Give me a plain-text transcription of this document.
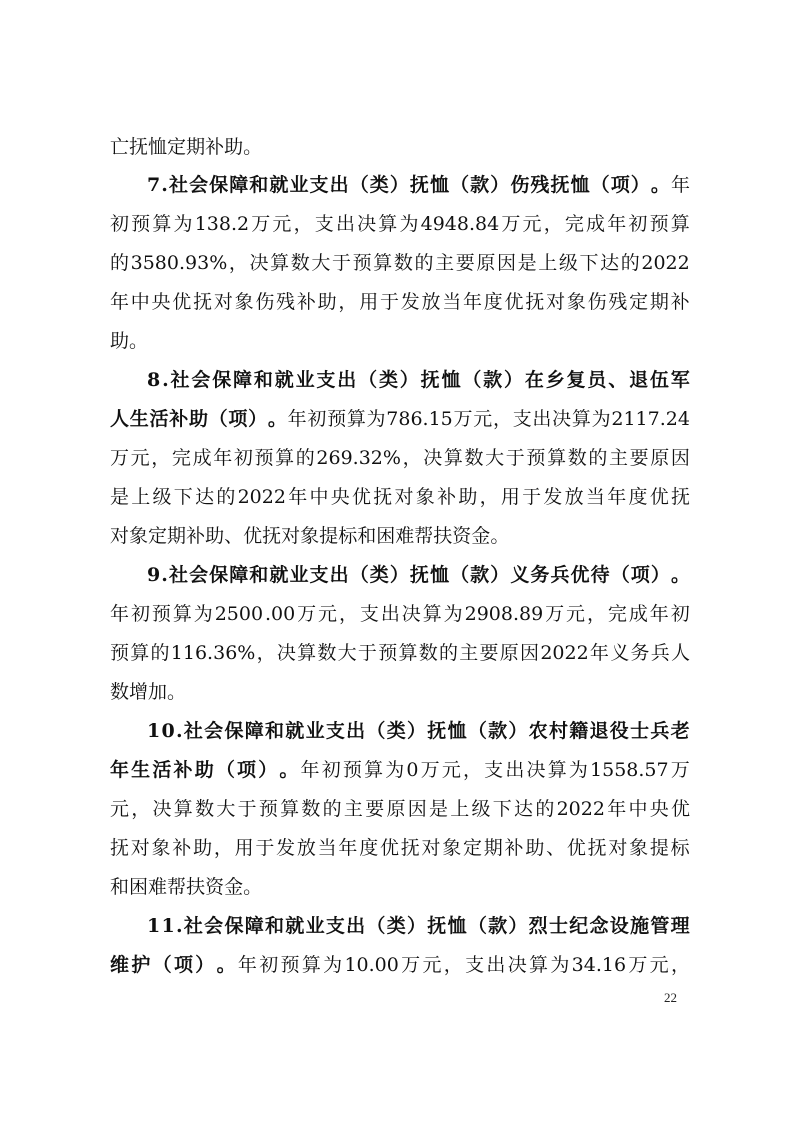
亡 抚 恤 定 期 补 助 。
7 . 社 会 保 障 和 就 业 支 出 （ 类 ） 抚 恤 （ 款 ） 伤 残 抚 恤 （ 项 ） 。 年
初 预 算 为 138.2 万 元 ， 支 出 决 算 为 4948.84 万 元 ， 完 成 年 初 预 算
的 3580.93% ， 决 算 数 大 于 预 算 数 的 主 要 原 因 是 上 级 下 达 的 2022
年 中 央 优 抚 对 象 伤 残 补 助 ， 用 于 发 放 当 年 度 优 抚 对 象 伤 残 定 期 补
助 。
8 . 社 会 保 障 和 就 业 支 出 （ 类 ） 抚 恤 （ 款 ） 在 乡 复 员 、 退 伍 军
人 生 活 补 助 （ 项 ） 。 年 初 预 算 为 786.15 万 元 ， 支 出 决 算 为 2117.24
万 元 ， 完 成 年 初 预 算 的 269.32% ， 决 算 数 大 于 预 算 数 的 主 要 原 因
是 上 级 下 达 的 2022 年 中 央 优 抚 对 象 补 助 ， 用 于 发 放 当 年 度 优 抚
对 象 定 期 补 助 、 优 抚 对 象 提 标 和 困 难 帮 扶 资 金 。
9 . 社 会 保 障 和 就 业 支 出 （ 类 ） 抚 恤 （ 款 ） 义 务 兵 优 待 （ 项 ） 。
年 初 预 算 为 2500 .00 万 元 ， 支 出 决 算 为 2908.89 万 元 ， 完 成 年 初
预 算 的 116.36% ， 决 算 数 大 于 预 算 数 的 主 要 原 因 2022 年 义 务 兵 人
数 增 加 。
1 0 . 社 会 保 障 和 就 业 支 出 （ 类 ） 抚 恤 （ 款 ） 农 村 籍 退 役 士 兵 老
年 生 活 补 助 （ 项 ） 。 年 初 预 算 为 0 万 元 ， 支 出 决 算 为 1558.57 万
元 ， 决 算 数 大 于 预 算 数 的 主 要 原 因 是 上 级 下 达 的 2022 年 中 央 优
抚 对 象 补 助 ， 用 于 发 放 当 年 度 优 抚 对 象 定 期 补 助 、 优 抚 对 象 提 标
和 困 难 帮 扶 资 金 。
1 1 . 社 会 保 障 和 就 业 支 出 （ 类 ） 抚 恤 （ 款 ） 烈 士 纪 念 设 施 管 理
维 护 （ 项 ） 。 年 初 预 算 为 10.00 万 元 ， 支 出 决 算 为 34.16 万 元 ，
22
